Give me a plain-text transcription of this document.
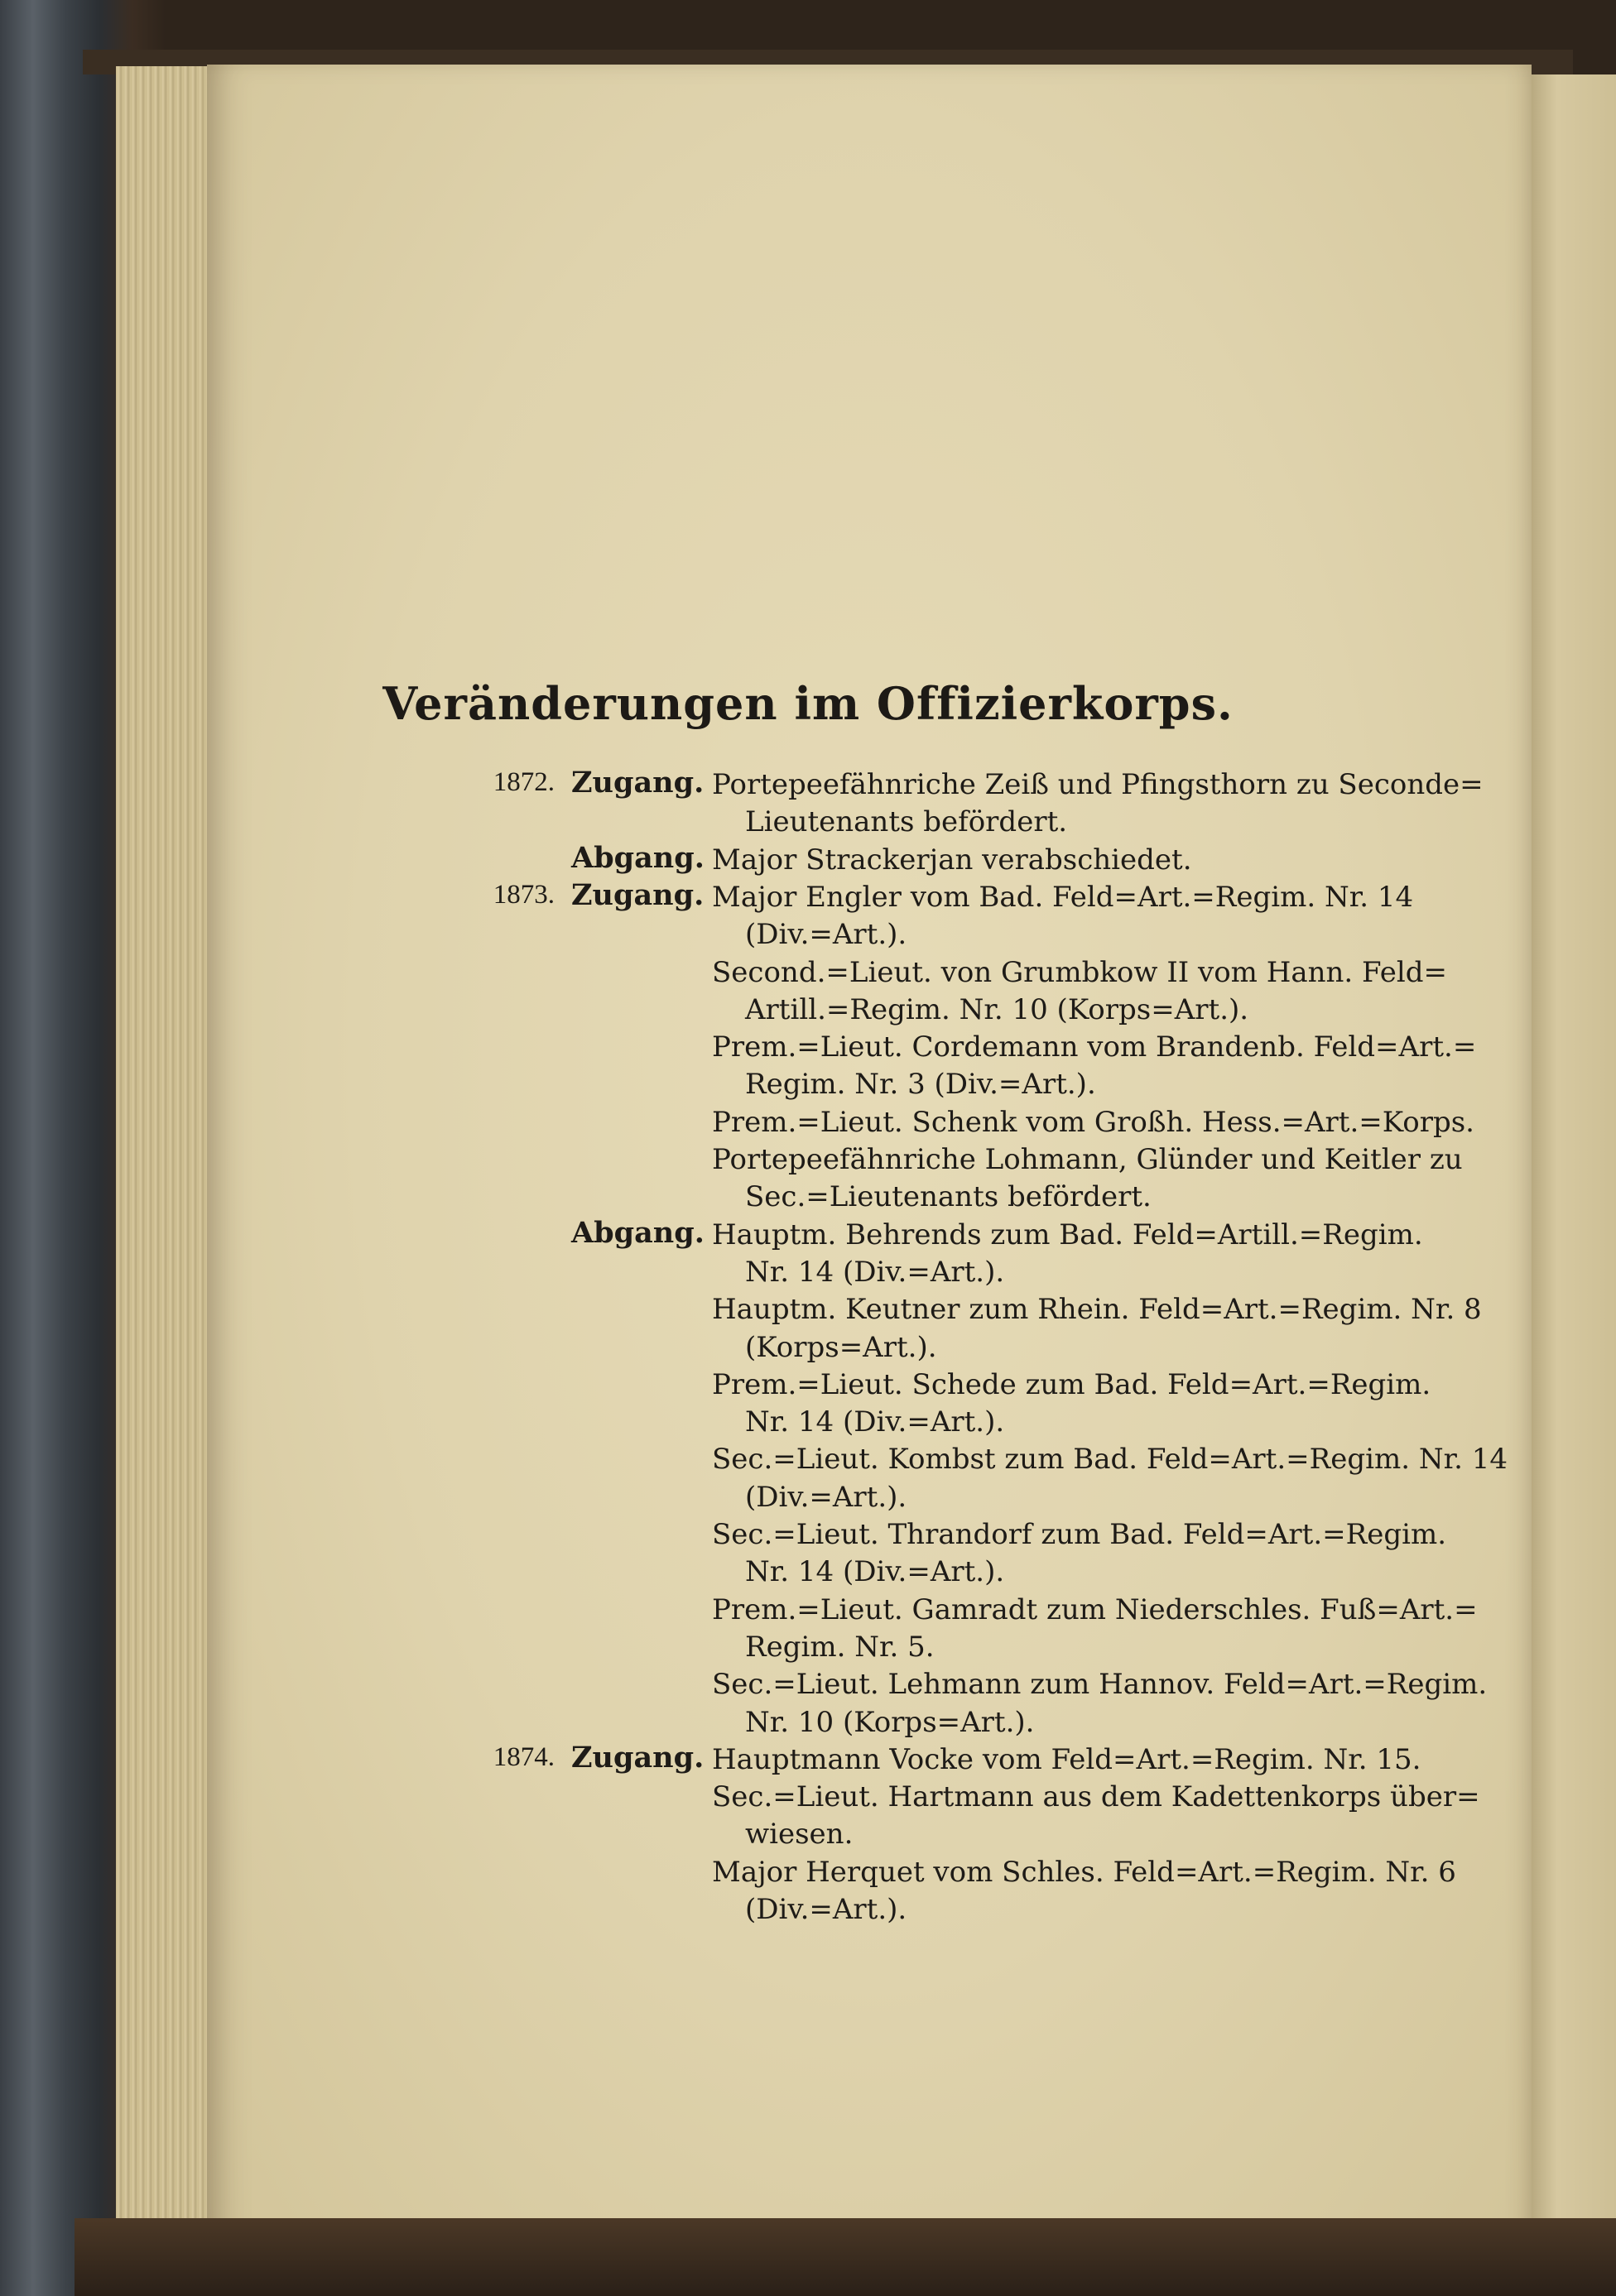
Veränderungen im Offizierkorps.
1872. Zugang. Portepeefähnriche Zeiß und Pfingsthorn zu Seconde=
Lieutenants befördert.
Abgang. Major Strackerjan verabschiedet.
1873. Zugang. Major Engler vom Bad. Feld=Art.=Regim. Nr. 14
(Div.=Art.).
Second.=Lieut. von Grumbkow II vom Hann. Feld=
Artill.=Regim. Nr. 10 (Korps=Art.).
Prem.=Lieut. Cordemann vom Brandenb. Feld=Art.=
Regim. Nr. 3 (Div.=Art.).
Prem.=Lieut. Schenk vom Großh. Hess.=Art.=Korps.
Portepeefähnriche Lohmann, Glünder und Keitler zu
Sec.=Lieutenants befördert.
Abgang. Hauptm. Behrends zum Bad. Feld=Artill.=Regim.
Nr. 14 (Div.=Art.).
Hauptm. Keutner zum Rhein. Feld=Art.=Regim. Nr. 8
(Korps=Art.).
Prem.=Lieut. Schede zum Bad. Feld=Art.=Regim.
Nr. 14 (Div.=Art.).
Sec.=Lieut. Kombst zum Bad. Feld=Art.=Regim. Nr. 14
(Div.=Art.).
Sec.=Lieut. Thrandorf zum Bad. Feld=Art.=Regim.
Nr. 14 (Div.=Art.).
Prem.=Lieut. Gamradt zum Niederschles. Fuß=Art.=
Regim. Nr. 5.
Sec.=Lieut. Lehmann zum Hannov. Feld=Art.=Regim.
Nr. 10 (Korps=Art.).
1874. Zugang. Hauptmann Vocke vom Feld=Art.=Regim. Nr. 15.
Sec.=Lieut. Hartmann aus dem Kadettenkorps über=
wiesen.
Major Herquet vom Schles. Feld=Art.=Regim. Nr. 6
(Div.=Art.).
